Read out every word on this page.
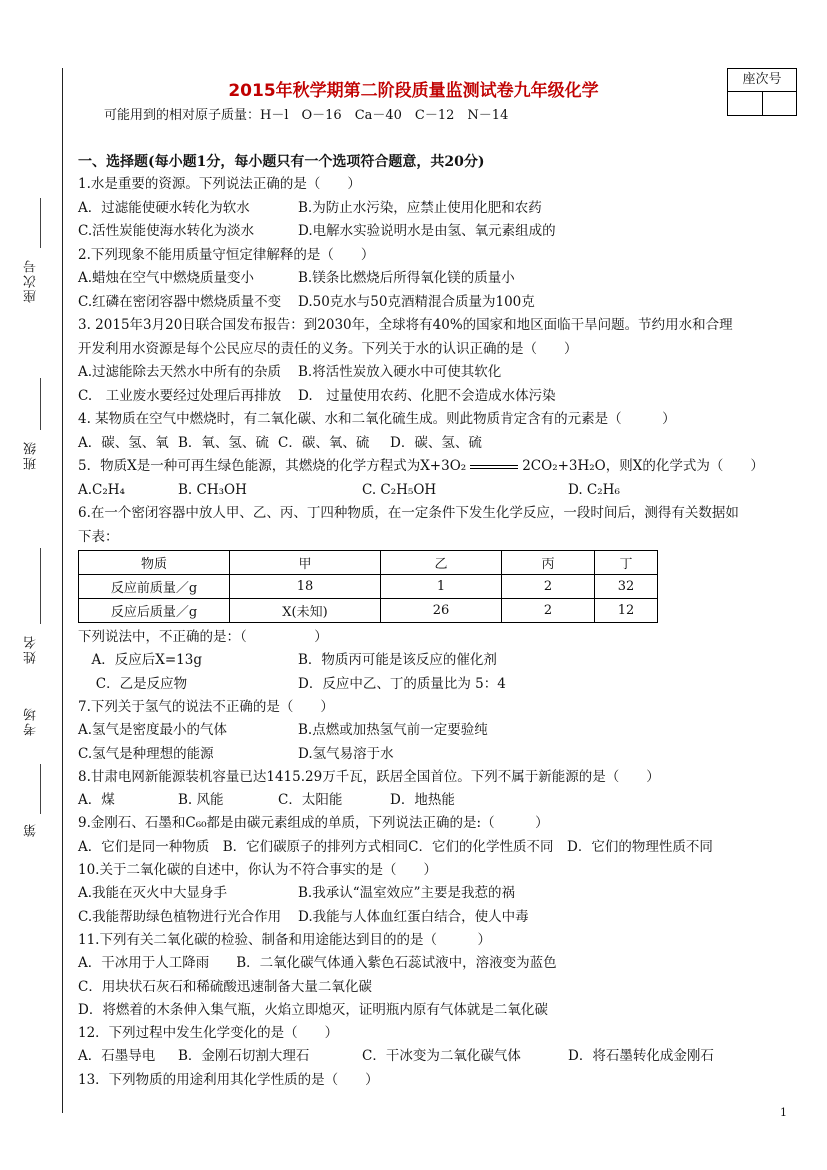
座次号
班级
姓名
考场
第
座次号
2015年秋学期第二阶段质量监测试卷九年级化学
可能用到的相对原子质量：H－l　O－16　Ca－40　C－12　N－14
一、选择题(每小题1分，每小题只有一个选项符合题意，共20分)
物质	甲	乙	丙	丁
反应前质量／g	18	1	2	32
反应后质量／g	X(未知)	26	2	12
1
1.水是重要的资源。下列说法正确的是（　　）
A．过滤能使硬水转化为软水	B.为防止水污染，应禁止使用化肥和农药
C.活性炭能使海水转化为淡水	D.电解水实验说明水是由氢、氧元素组成的
2.下列现象不能用质量守恒定律解释的是（　　）
A.蜡烛在空气中燃烧质量变小	B.镁条比燃烧后所得氧化镁的质量小
C.红磷在密闭容器中燃烧质量不变 D.50克水与50克酒精混合质量为100克
3. 2015年3月20日联合国发布报告：到2030年，全球将有40%的国家和地区面临干旱问题。节约用水和合理
开发利用水资源是每个公民应尽的责任的义务。下列关于水的认识正确的是（　　）
A.过滤能除去天然水中所有的杂质 B.将活性炭放入硬水中可使其软化
C.　工业废水要经过处理后再排放 D.　过量使用农药、化肥不会造成水体污染
4. 某物质在空气中燃烧时，有二氧化碳、水和二氧化硫生成。则此物质肯定含有的元素是（　　　）
A．碳、氢、氧 B．氧、氢、硫 C．碳、氧、硫 D．碳、氢、硫
5．物质X是一种可再生绿色能源，其燃烧的化学方程式为X+3O₂	2CO₂+3H₂O，则X的化学式为（　　）
A.C₂H₄	B. CH₃OH	C. C₂H₅OH	D. C₂H₆
6.在一个密闭容器中放人甲、乙、丙、丁四种物质，在一定条件下发生化学反应，一段时间后，测得有关数据如
下表：
下列说法中，不正确的是：（　　　　　）
　A．反应后X=13g	B．物质丙可能是该反应的催化剂
　 C．乙是反应物	D．反应中乙、丁的质量比为 5：4
7.下列关于氢气的说法不正确的是（　　）
A.氢气是密度最小的气体	B.点燃或加热氢气前一定要验纯
C.氢气是种理想的能源	D.氢气易溶于水
8.甘肃电网新能源装机容量已达1415.29万千瓦，跃居全国首位。下列不属于新能源的是（　　）
A．煤	B. 风能	C．太阳能	D．地热能
9.金刚石、石墨和C₆₀都是由碳元素组成的单质，下列说法正确的是:（　　　）
A．它们是同一种物质　B．它们碳原子的排列方式相同C．它们的化学性质不同　D．它们的物理性质不同
10.关于二氧化碳的自述中，你认为不符合事实的是（　　）
A.我能在灭火中大显身手	B.我承认“温室效应”主要是我惹的祸
C.我能帮助绿色植物进行光合作用 D.我能与人体血红蛋白结合，使人中毒
11.下列有关二氧化碳的检验、制备和用途能达到目的的是（　　　）
A．干冰用于人工降雨　　B．二氧化碳气体通入紫色石蕊试液中，溶液变为蓝色
C．用块状石灰石和稀硫酸迅速制备大量二氧化碳
D．将燃着的木条伸入集气瓶，火焰立即熄灭，证明瓶内原有气体就是二氧化碳
12．下列过程中发生化学变化的是（　　）
A．石墨导电 B．金刚石切割大理石	C．干冰变为二氧化碳气体	D．将石墨转化成金刚石
13．下列物质的用途利用其化学性质的是（　　）
